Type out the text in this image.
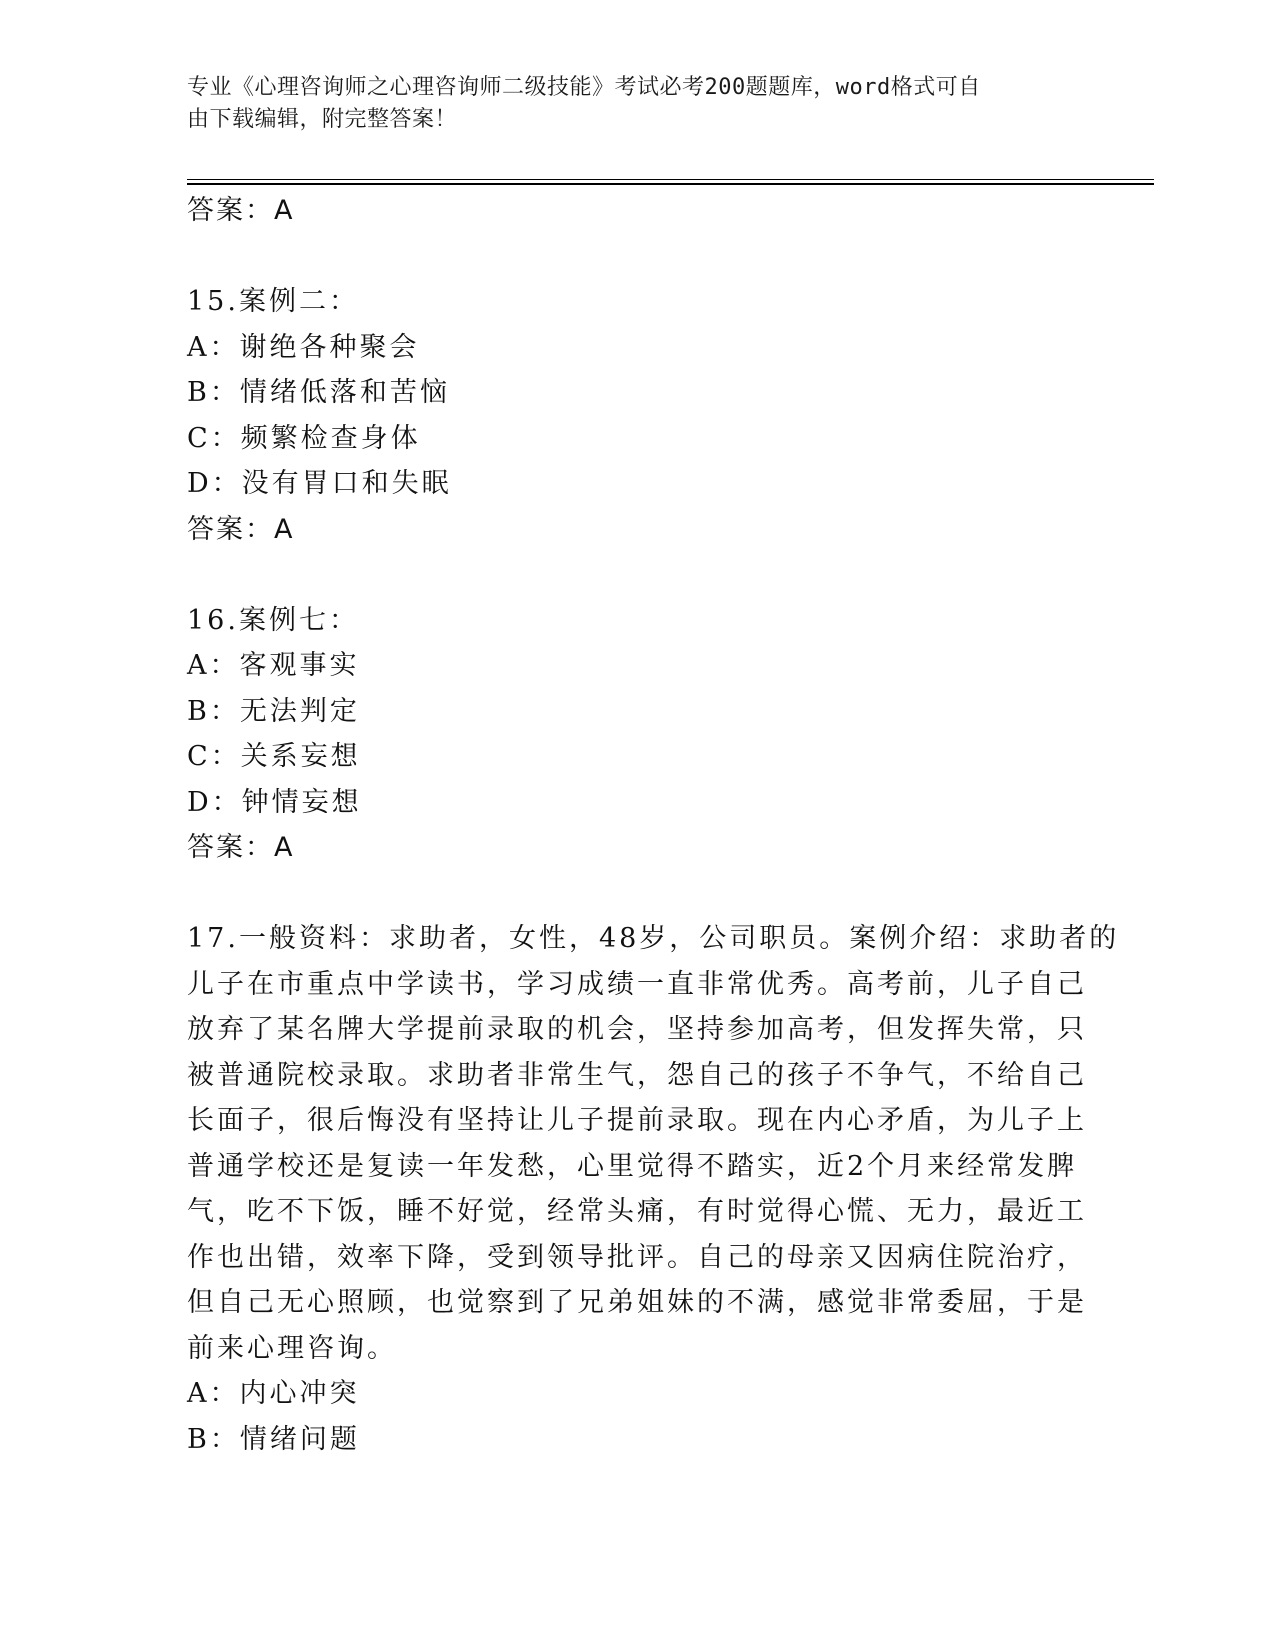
专业《心理咨询师之心理咨询师二级技能》考试必考200题题库，word格式可自
由下载编辑，附完整答案！
答案：A
15.案例二：
A：谢绝各种聚会
B：情绪低落和苦恼
C：频繁检查身体
D：没有胃口和失眠
答案：A
16.案例七：
A：客观事实
B：无法判定
C：关系妄想
D：钟情妄想
答案：A
17.一般资料：求助者，女性，48岁，公司职员。案例介绍：求助者的
儿子在市重点中学读书，学习成绩一直非常优秀。高考前，儿子自己
放弃了某名牌大学提前录取的机会，坚持参加高考，但发挥失常，只
被普通院校录取。求助者非常生气，怨自己的孩子不争气，不给自己
长面子，很后悔没有坚持让儿子提前录取。现在内心矛盾，为儿子上
普通学校还是复读一年发愁，心里觉得不踏实，近2个月来经常发脾
气，吃不下饭，睡不好觉，经常头痛，有时觉得心慌、无力，最近工
作也出错，效率下降，受到领导批评。自己的母亲又因病住院治疗，
但自己无心照顾，也觉察到了兄弟姐妹的不满，感觉非常委屈，于是
前来心理咨询。
A：内心冲突
B：情绪问题
